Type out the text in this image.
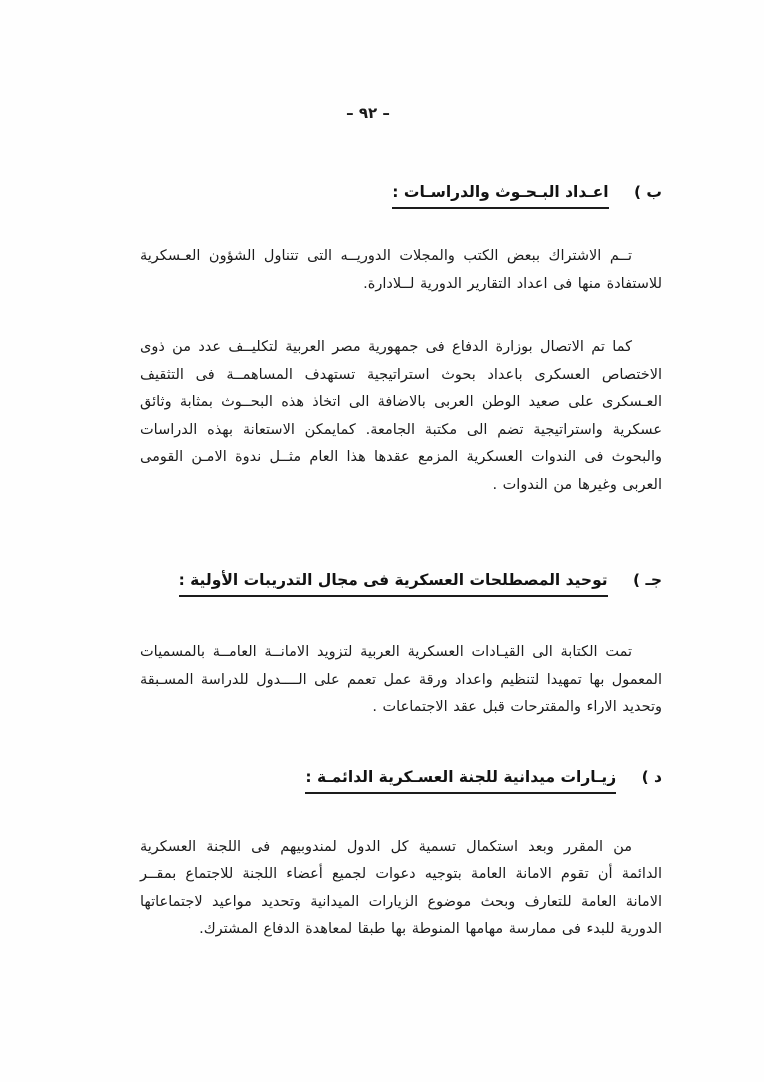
– ٩٢ –
ب ) اعـداد البـحـوث والدراسـات :

تــم الاشتراك ببعض الكتب والمجلات الدوريــه التى تتناول الشؤون العـسكرية للاستفادة منها فى اعداد التقارير الدورية لــلادارة.

كما تم الاتصال بوزارة الدفاع فى جمهورية مصر العربية لتكليــف عدد من ذوى الاختصاص العسكرى باعداد بحوث استراتيجية تستهدف المساهمــة فى التثقيف العـسكرى على صعيد الوطن العربى بالاضافة الى اتخاذ هذه البحــوث بمثابة وثائق عسكرية واستراتيجية تضم الى مكتبة الجامعة. كمايمكن الاستعانة بهذه الدراسات والبحوث فى الندوات العسكرية المزمع عقدها هذا العام مثــل ندوة الامـن القومى العربى وغيرها من الندوات .

جـ ) توحيد المصطلحات العسكرية فى مجال التدريبات الأولية :

تمت الكتابة الى القيـادات العسكرية العربية لتزويد الامانــة العامــة بالمسميات المعمول بها تمهيدا لتنظيم واعداد ورقة عمل تعمم على الــــدول للدراسة المسـبقة وتحديد الاراء والمقترحات قبل عقد الاجتماعات .

د ) زيـارات ميدانية للجنة العسـكرية الدائمـة :

من المقرر وبعد استكمال تسمية كل الدول لمندوبيهم فى اللجنة العسكرية الدائمة أن تقوم الامانة العامة بتوجيه دعوات لجميع أعضاء اللجنة للاجتماع بمقــر الامانة العامة للتعارف وبحث موضوع الزيارات الميدانية وتحديد مواعيد لاجتماعاتها الدورية للبدء فى ممارسة مهامها المنوطة بها طبقا لمعاهدة الدفاع المشترك.
